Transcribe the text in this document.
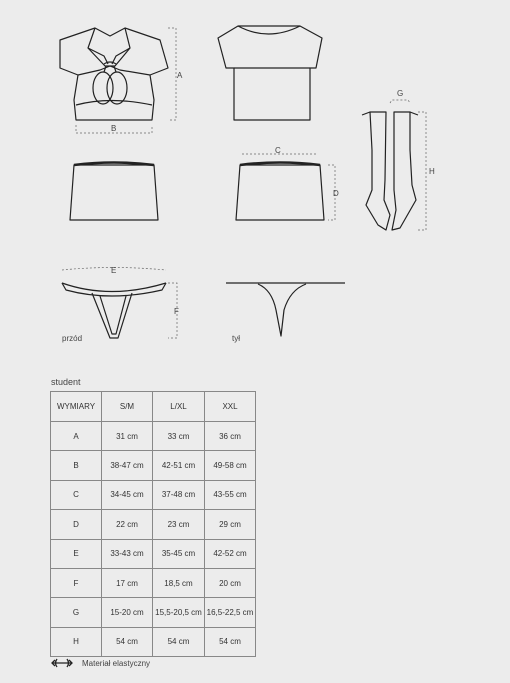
A
B
C
D
E
F
G
H
przód	tył
student
WYMIARY	S/M	L/XL	XXL
A	31 cm	33 cm	36 cm
B	38-47 cm	42-51 cm	49-58 cm
C	34-45 cm	37-48 cm	43-55 cm
D	22 cm	23 cm	29 cm
E	33-43 cm	35-45 cm	42-52 cm
F	17 cm	18,5 cm	20 cm
G	15-20 cm	15,5-20,5 cm	16,5-22,5 cm
H	54 cm	54 cm	54 cm
Materiał elastyczny
